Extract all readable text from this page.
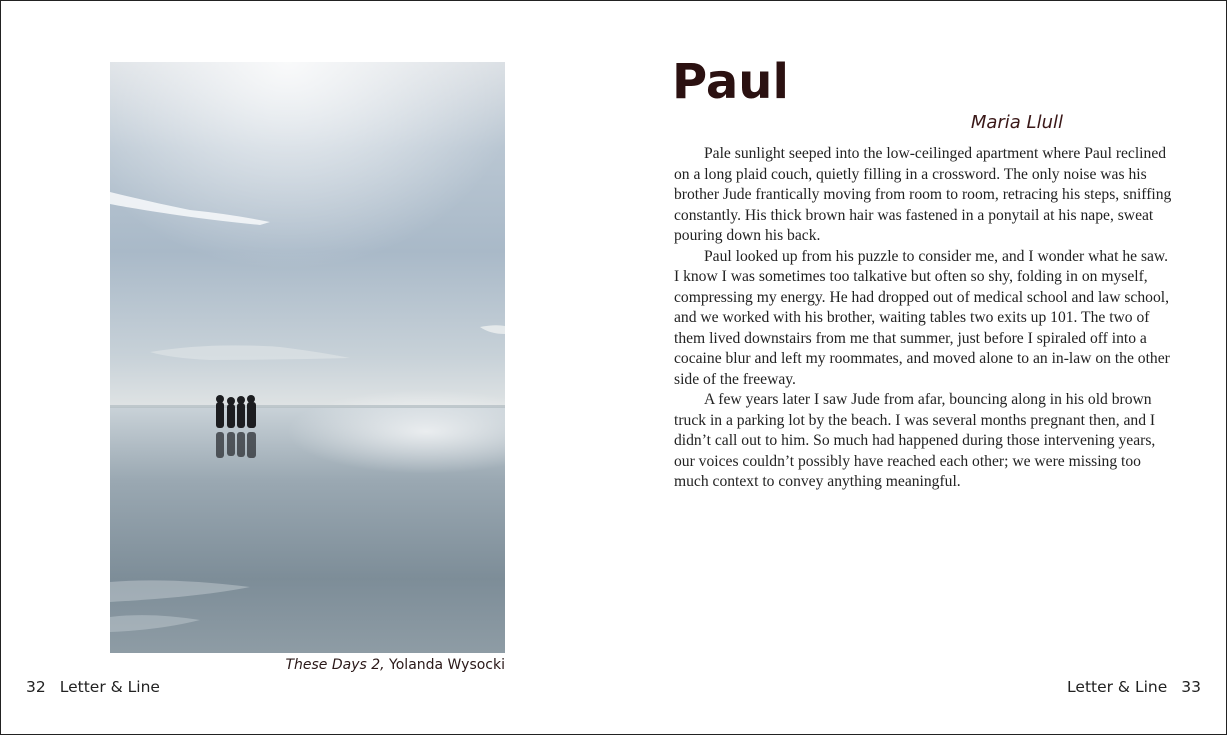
These Days 2, Yolanda Wysocki
32 Letter & Line	Letter & Line 33
Paul
Maria Llull

Pale sunlight seeped into the low-ceilinged apartment where Paul reclined on a long plaid couch, quietly filling in a crossword. The only noise was his brother Jude frantically moving from room to room, retracing his steps, sniffing constantly. His thick brown hair was fastened in a ponytail at his nape, sweat pouring down his back.

Paul looked up from his puzzle to consider me, and I wonder what he saw. I know I was sometimes too talkative but often so shy, folding in on myself, compressing my energy. He had dropped out of medical school and law school, and we worked with his brother, waiting tables two exits up 101. The two of them lived downstairs from me that summer, just before I spiraled off into a cocaine blur and left my roommates, and moved alone to an in-law on the other side of the freeway.

A few years later I saw Jude from afar, bouncing along in his old brown truck in a parking lot by the beach. I was several months pregnant then, and I didn’t call out to him. So much had happened during those intervening years, our voices couldn’t possibly have reached each other; we were missing too much context to convey anything meaningful.
